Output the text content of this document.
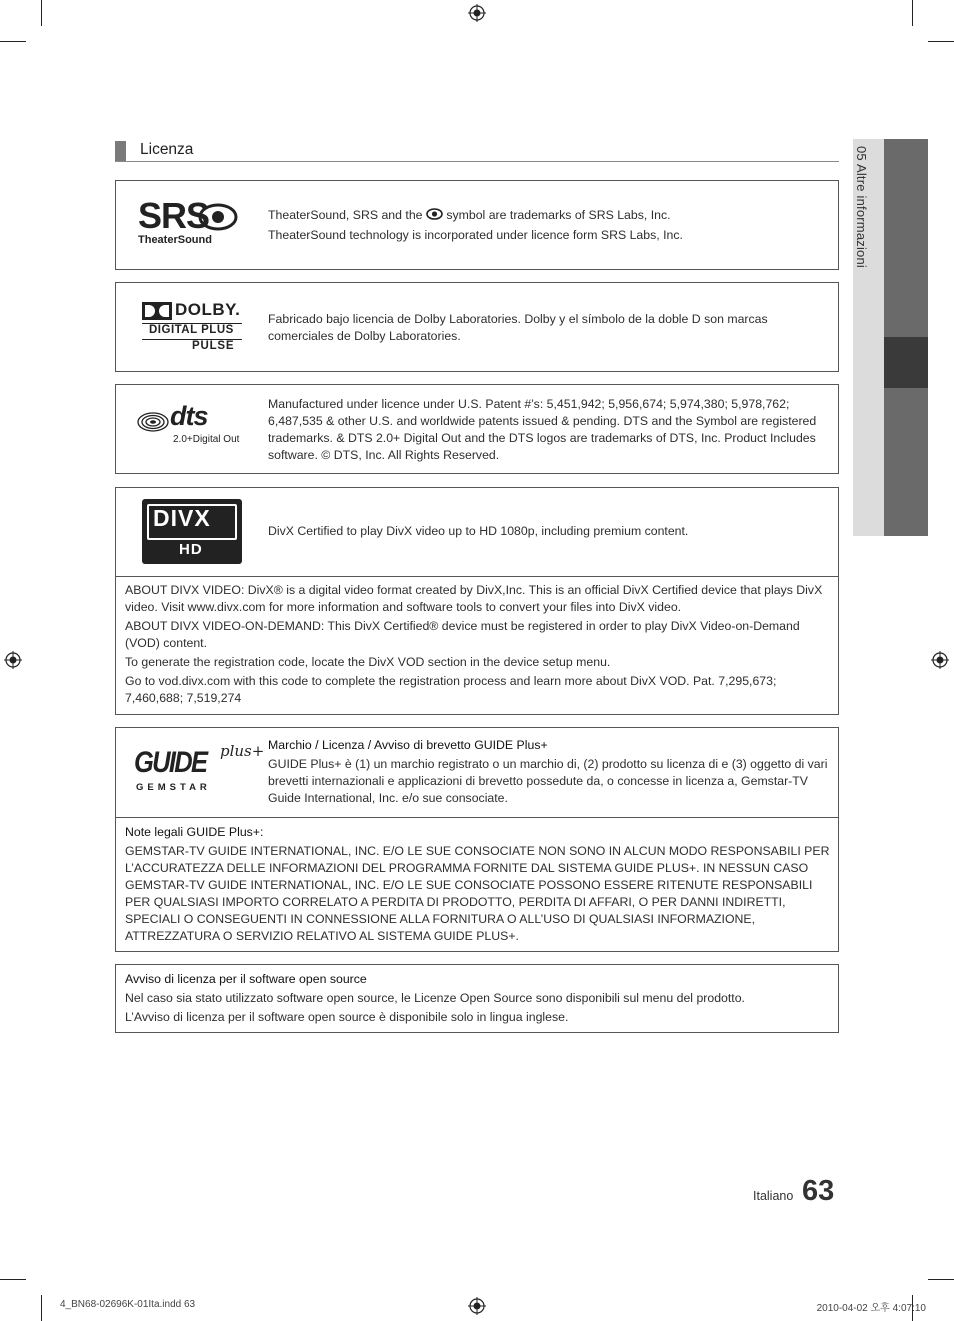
05 Altre informazioni
Licenza
SRS
TheaterSound

TheaterSound, SRS and the symbol are trademarks of SRS Labs, Inc.

TheaterSound technology is incorporated under licence form SRS Labs, Inc.

DOLBY.
DIGITAL PLUS
PULSE
Fabricado bajo licencia de Dolby Laboratories. Dolby y el símbolo de la doble D son marcas comerciales de Dolby Laboratories.
dts
2.0+Digital Out
Manufactured under licence under U.S. Patent #’s: 5,451,942; 5,956,674; 5,974,380; 5,978,762; 6,487,535 & other U.S. and worldwide patents issued & pending. DTS and the Symbol are registered trademarks. & DTS 2.0+ Digital Out and the DTS logos are trademarks of DTS, Inc. Product Includes software. © DTS, Inc. All Rights Reserved.
DIVX
HD
DivX Certified to play DivX video up to HD 1080p, including premium content.

ABOUT DIVX VIDEO: DivX® is a digital video format created by DivX,Inc. This is an official DivX Certified device that plays DivX video. Visit www.divx.com for more information and software tools to convert your files into DivX video.

ABOUT DIVX VIDEO-ON-DEMAND: This DivX Certified® device must be registered in order to play DivX Video-on-Demand (VOD) content.

To generate the registration code, locate the DivX VOD section in the device setup menu.

Go to vod.divx.com with this code to complete the registration process and learn more about DivX VOD. Pat. 7,295,673; 7,460,688; 7,519,274

GUIDE plus+
GEMSTAR

Marchio / Licenza / Avviso di brevetto GUIDE Plus+

GUIDE Plus+ è (1) un marchio registrato o un marchio di, (2) prodotto su licenza di e (3) oggetto di vari brevetti internazionali e applicazioni di brevetto possedute da, o concesse in licenza a, Gemstar-TV Guide International, Inc. e/o sue consociate.

Note legali GUIDE Plus+:

GEMSTAR-TV GUIDE INTERNATIONAL, INC. E/O LE SUE CONSOCIATE NON SONO IN ALCUN MODO RESPONSABILI PER L’ACCURATEZZA DELLE INFORMAZIONI DEL PROGRAMMA FORNITE DAL SISTEMA GUIDE PLUS+. IN NESSUN CASO GEMSTAR-TV GUIDE INTERNATIONAL, INC. E/O LE SUE CONSOCIATE POSSONO ESSERE RITENUTE RESPONSABILI PER QUALSIASI IMPORTO CORRELATO A PERDITA DI PRODOTTO, PERDITA DI AFFARI, O PER DANNI INDIRETTI, SPECIALI O CONSEGUENTI IN CONNESSIONE ALLA FORNITURA O ALL’USO DI QUALSIASI INFORMAZIONE, ATTREZZATURA O SERVIZIO RELATIVO AL SISTEMA GUIDE PLUS+.

Avviso di licenza per il software open source

Nel caso sia stato utilizzato software open source, le Licenze Open Source sono disponibili sul menu del prodotto.

L’Avviso di licenza per il software open source è disponibile solo in lingua inglese.

Italiano 63
4_BN68-02696K-01Ita.indd 63	2010-04-02 오후 4:07:10
